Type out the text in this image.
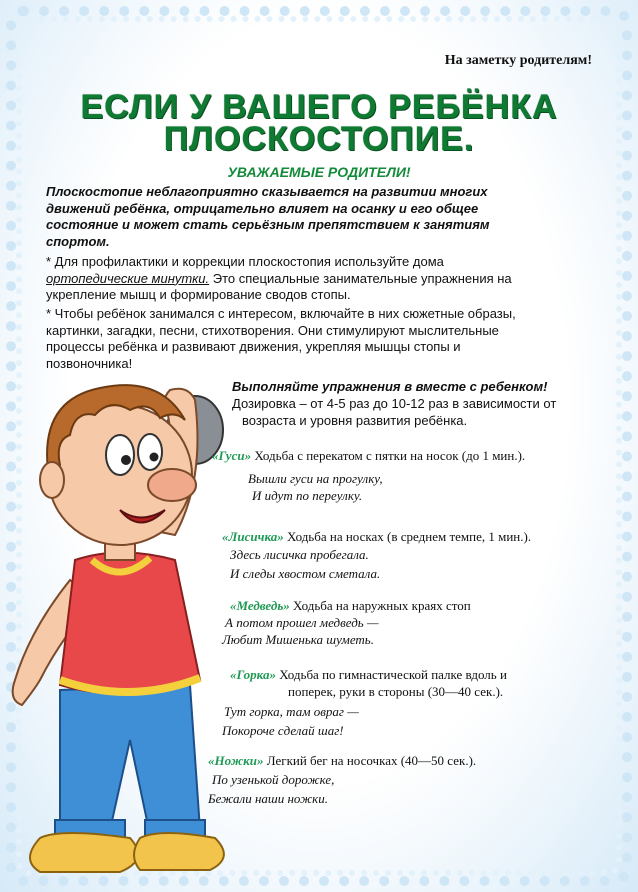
На заметку родителям!
ЕСЛИ У ВАШЕГО РЕБЁНКА
ПЛОСКОСТОПИЕ.
УВАЖАЕМЫЕ РОДИТЕЛИ!
Плоскостопие неблагоприятно сказывается на развитии многих
движений ребёнка, отрицательно влияет на осанку и его общее
состояние и может стать серьёзным препятствием к занятиям
спортом.
* Для профилактики и коррекции плоскостопия используйте дома
ортопедические минутки. Это специальные занимательные упражнения на
укрепление мышц и формирование сводов стопы.
* Чтобы ребёнок занимался с интересом, включайте в них сюжетные образы,
картинки, загадки, песни, стихотворения. Они стимулируют мыслительные
процессы ребёнка и развивают движения, укрепляя мышцы стопы и
позвоночника!
Выполняйте упражнения в вместе с ребенком!
Дозировка – от 4-5 раз до 10-12 раз в зависимости от
возраста и уровня развития ребёнка.
«Гуси» Ходьба с перекатом с пятки на носок (до 1 мин.).
Вышли гуси на прогулку,
И идут по переулку.
«Лисичка» Ходьба на носках (в среднем темпе, 1 мин.).
Здесь лисичка пробегала.
И следы хвостом сметала.
«Медведь» Ходьба на наружных краях стоп
А потом прошел медведь —
Любит Мишенька шуметь.
«Горка» Ходьба по гимнастической палке вдоль и
поперек, руки в стороны (30—40 сек.).
Тут горка, там овраг —
Покороче сделай шаг!
«Ножки» Легкий бег на носочках (40—50 сек.).
По узенькой дорожке,
Бежали наши ножки.
